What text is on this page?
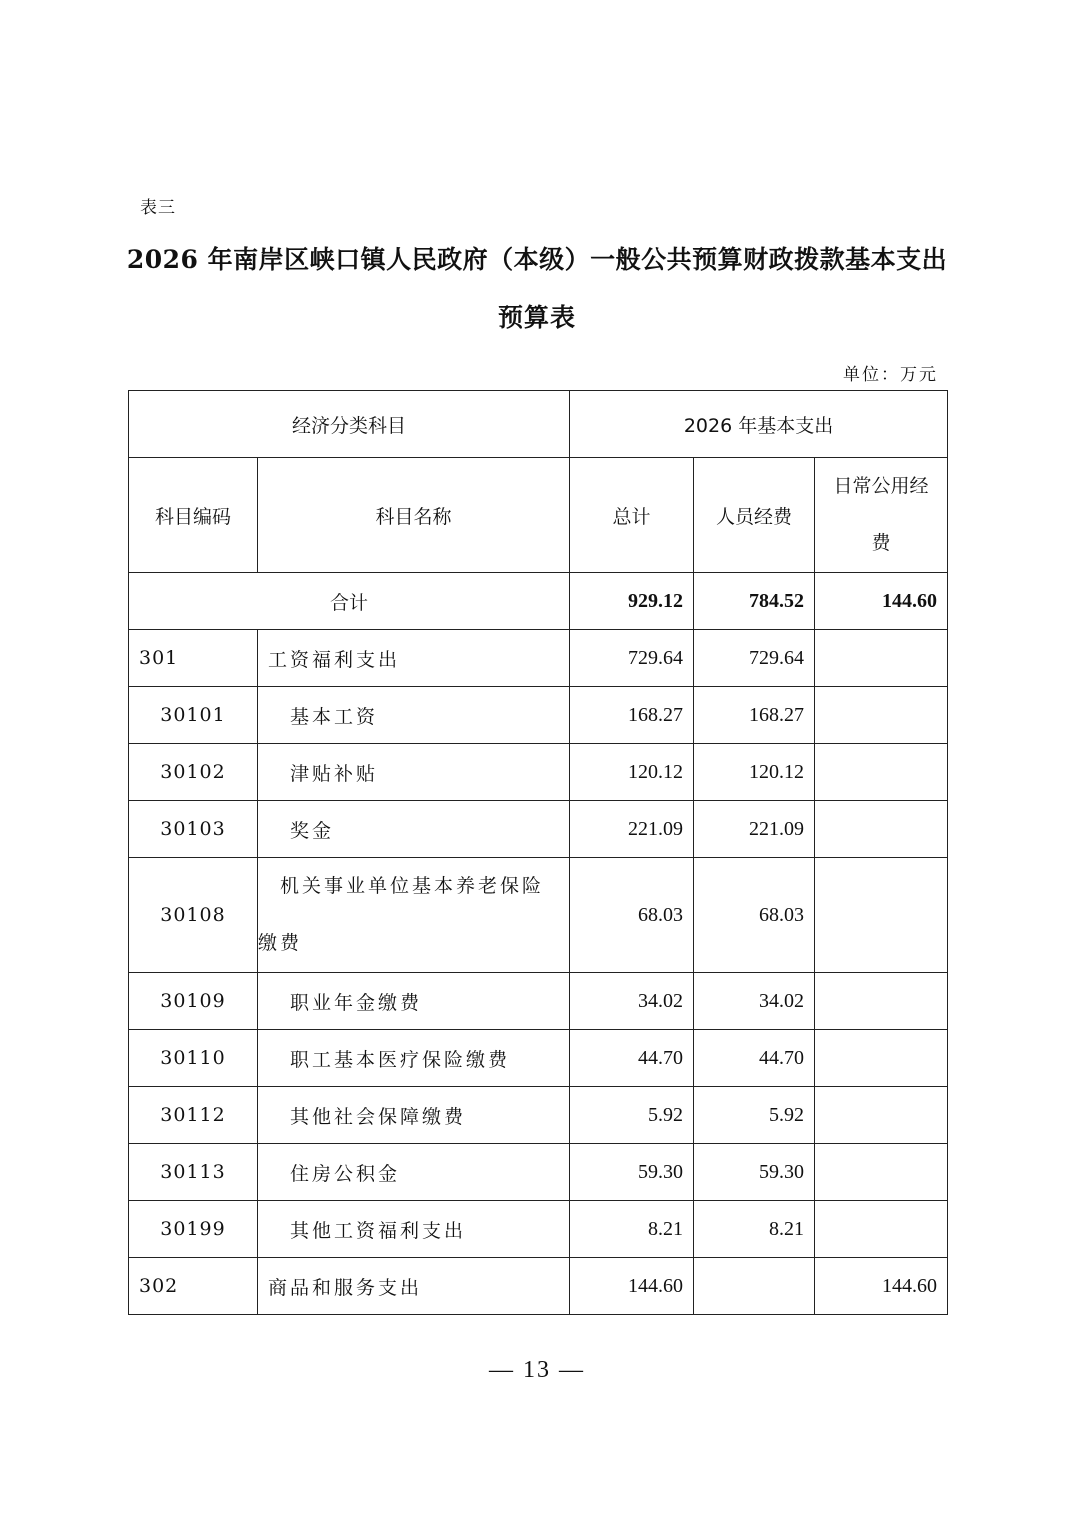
表三
2026 年南岸区峡口镇人民政府（本级）一般公共预算财政拨款基本支出
预算表
单位：万元
经济分类科目		2026 年基本支出		
科目编码	科目名称	总计	人员经费	日常公用经
费
合计		929.12	784.52	144.60
301	工资福利支出	729.64	729.64	
30101	基本工资	168.27	168.27	
30102	津贴补贴	120.12	120.12	
30103	奖金	221.09	221.09	
30108	机关事业单位基本养老保险
缴费	68.03	68.03	
30109	职业年金缴费	34.02	34.02	
30110	职工基本医疗保险缴费	44.70	44.70	
30112	其他社会保障缴费	5.92	5.92	
30113	住房公积金	59.30	59.30	
30199	其他工资福利支出	8.21	8.21	
302	商品和服务支出	144.60		144.60
— 13 —
